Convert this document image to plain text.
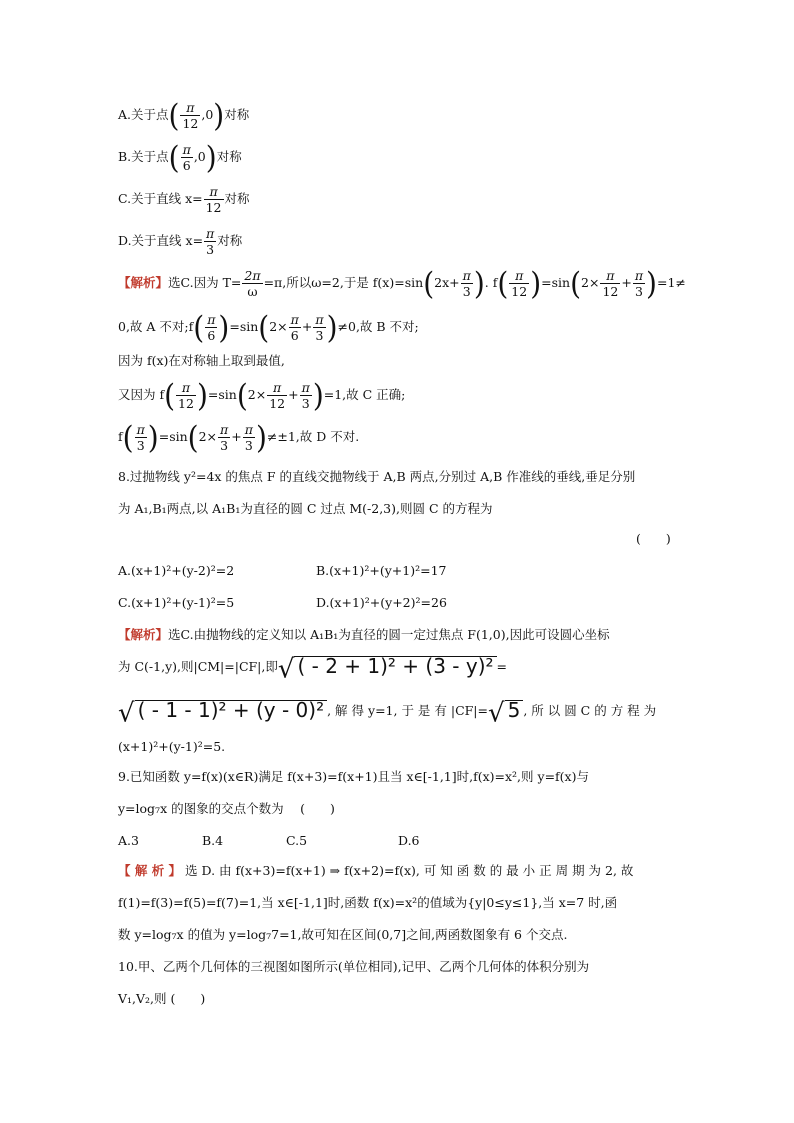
A.关于点( $\frac{\pi}{12} ,0$)对称
B.关于点( $\frac{\pi}{6} ,0$)对称
C.关于直线 $x= \frac{\pi}{12}$ 对称
D.关于直线 $x= \frac{\pi}{3}$ 对称
【解析】选C.因为 $T= \frac{2\pi}{\omega} =\pi$,所以ω=2,于是 $f(x)=\sin(2x+ \frac{\pi}{3}$ ). $f( \frac{\pi}{12} )=\sin(2\times \frac{\pi}{12} + \frac{\pi}{3} )=1\ne$
0,故 A 不对;f( $\frac{\pi}{6} )=\sin(2\times \frac{\pi}{6} + \frac{\pi}{3} )\ne 0$,故 B 不对;
因为 f(x)在对称轴上取到最值,
又因为 $f( \frac{\pi}{12} )=\sin(2\times \frac{\pi}{12} + \frac{\pi}{3} )=1$,故 C 正确;
$f( \frac{\pi}{3} )=\sin(2\times \frac{\pi}{3} + \frac{\pi}{3} )\ne\pm 1$,故 D 不对.
8.过抛物线 y²=4x 的焦点 F 的直线交抛物线于 A,B 两点,分别过 A,B 作准线的垂线,垂足分别
为 A₁,B₁两点,以 A₁B₁为直径的圆 C 过点 M(-2,3),则圆 C 的方程为
(　　)
A.(x+1)²+(y-2)²=2	B.(x+1)²+(y+1)²=17
C.(x+1)²+(y-1)²=5	D.(x+1)²+(y+2)²=26
【解析】选C.由抛物线的定义知以 A₁B₁为直径的圆一定过焦点 F(1,0),因此可设圆心坐标
为 C(-1,y),则|CM|=|CF|,即√ ( - 2 + 1)² + (3 - y)² =
√ ( - 1 - 1)² + (y - 0)² , 解 得 y=1, 于 是 有 |CF|=√ 5 , 所 以 圆 C 的 方 程 为
(x+1)²+(y-1)²=5.
9.已知函数 y=f(x)(x∈R)满足 f(x+3)=f(x+1)且当 x∈[-1,1]时,f(x)=x²,则 y=f(x)与
y=log₇x 的图象的交点个数为　 (　　)
A.3	B.4	C.5	D.6
【 解 析 】 选 D. 由 f(x+3)=f(x+1) ⇒ f(x+2)=f(x), 可 知 函 数 的 最 小 正 周 期 为 2, 故
f(1)=f(3)=f(5)=f(7)=1,当 x∈[-1,1]时,函数 f(x)=x²的值域为{y|0≤y≤1},当 x=7 时,函
数 y=log₇x 的值为 y=log₇7=1,故可知在区间(0,7]之间,两函数图象有 6 个交点.
10.甲、乙两个几何体的三视图如图所示(单位相同),记甲、乙两个几何体的体积分别为
V₁,V₂,则 (　　)
